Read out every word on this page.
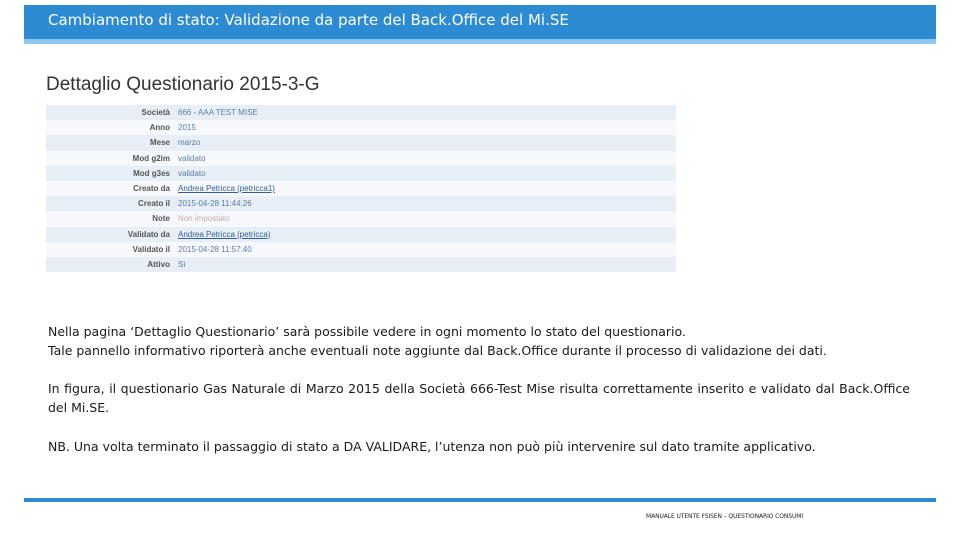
Cambiamento di stato: Validazione da parte del Back.Office del Mi.SE
Dettaglio Questionario 2015-3-G
Società	666 - AAA TEST MISE
Anno	2015
Mese	marzo
Mod g2im	validato
Mod g3es	validato
Creato da	Andrea Petricca (petricca1)
Creato il	2015-04-28 11:44:26
Note	Non impostato
Validato da	Andrea Petricca (petricca)
Validato il	2015-04-28 11:57:40
Attivo	Sì
Nella pagina ‘Dettaglio Questionario’ sarà possibile vedere in ogni momento lo stato del questionario.
Tale pannello informativo riporterà anche eventuali note aggiunte dal Back.Office durante il processo di validazione dei dati.
In figura, il questionario Gas Naturale di Marzo 2015 della Società 666-Test Mise risulta correttamente inserito e validato dal Back.Office del Mi.SE.
NB. Una volta terminato il passaggio di stato a DA VALIDARE, l’utenza non può più intervenire sul dato tramite applicativo.
MANUALE UTENTE FSISEN – QUESTIONARIO CONSUMI
